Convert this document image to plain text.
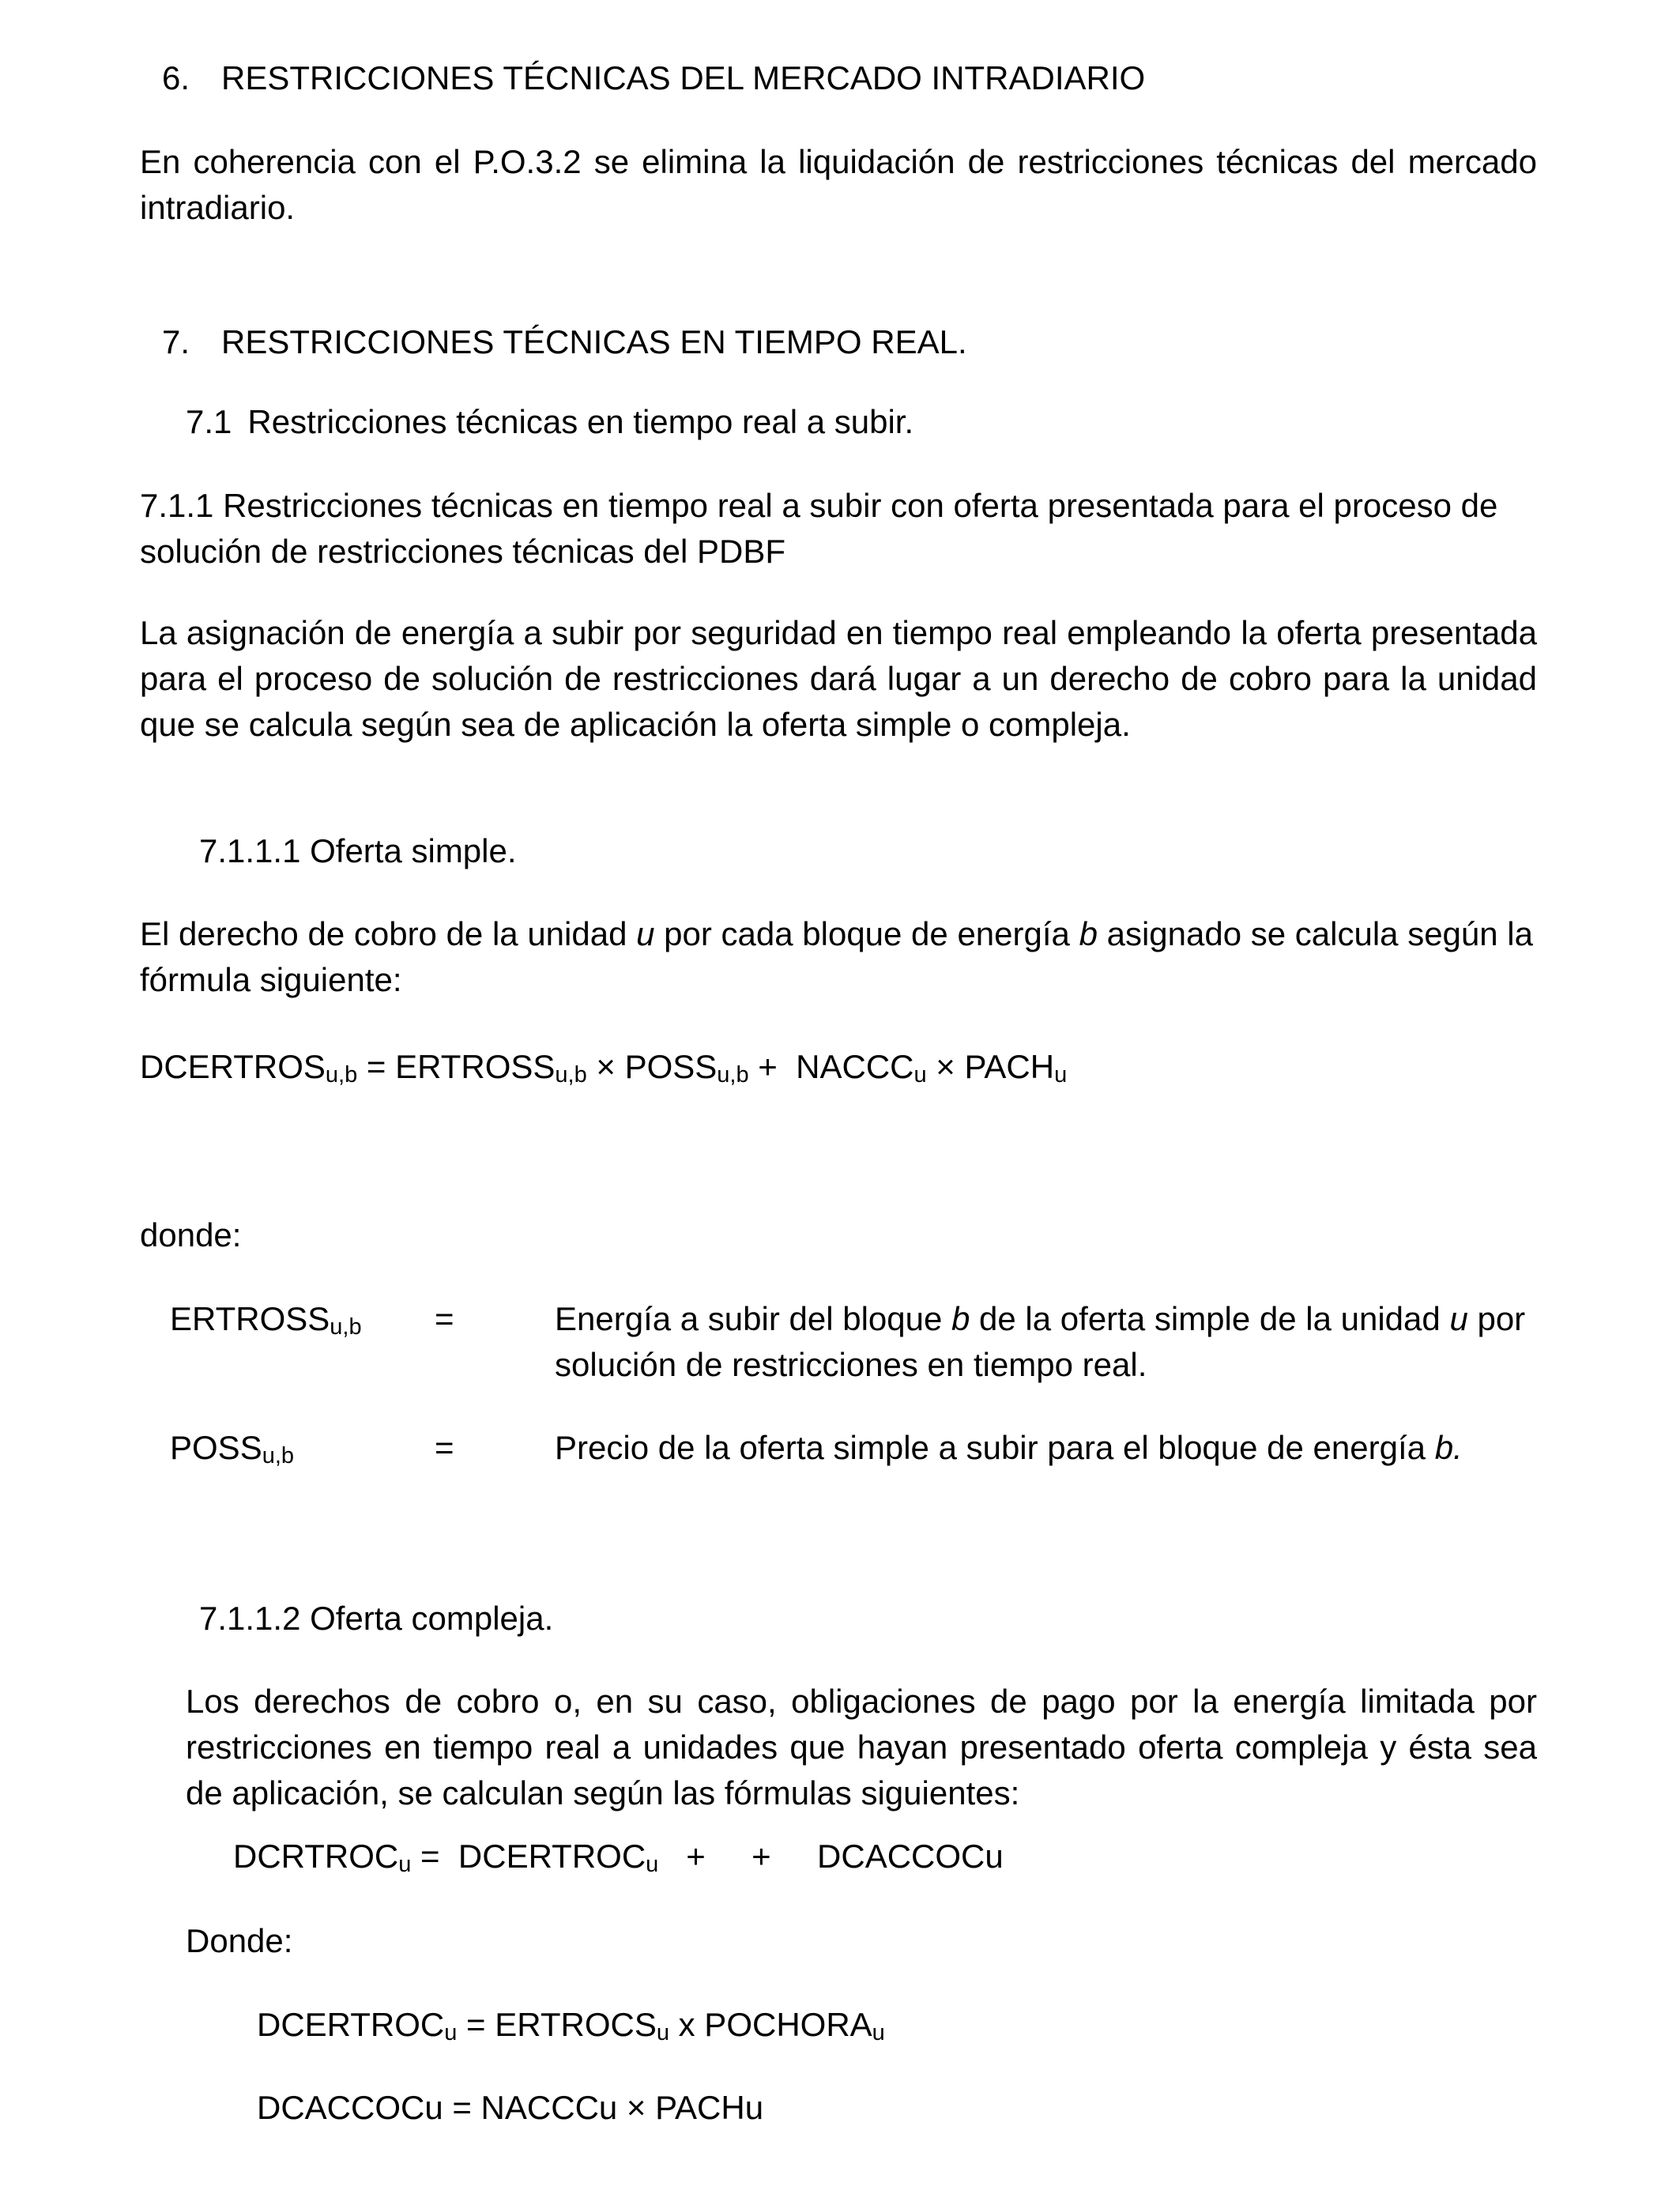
6. RESTRICCIONES TÉCNICAS DEL MERCADO INTRADIARIO

En coherencia con el P.O.3.2 se elimina la liquidación de restricciones técnicas del mercado intradiario.

7. RESTRICCIONES TÉCNICAS EN TIEMPO REAL.
7.1 Restricciones técnicas en tiempo real a subir.

7.1.1 Restricciones técnicas en tiempo real a subir con oferta presentada para el proceso de solución de restricciones técnicas del PDBF

La asignación de energía a subir por seguridad en tiempo real empleando la oferta presentada para el proceso de solución de restricciones dará lugar a un derecho de cobro para la unidad que se calcula según sea de aplicación la oferta simple o compleja.

7.1.1.1 Oferta simple.

El derecho de cobro de la unidad u por cada bloque de energía b asignado se calcula según la fórmula siguiente:

$DCERTROS_{u,b}$ = $ERTROSS_{u,b}$ × $POSS_{u,b}$ +  $NACCC_u$ × $PACH_u$

donde:

$ERTROSS_{u,b}$ =	Energía a subir del bloque b de la oferta simple de la unidad u por solución de restricciones en tiempo real.

$POSS_{u,b}$	=	Precio de la oferta simple a subir para el bloque de energía b.

7.1.1.2 Oferta compleja.

Los derechos de cobro o, en su caso, obligaciones de pago por la energía limitada por restricciones en tiempo real a unidades que hayan presentado oferta compleja y ésta sea de aplicación, se calculan según las fórmulas siguientes:

$DCRTROC_u$ =  $DCERTROC_u$   +     +     DCACCOCu

Donde:

$DCERTROC_u$ = $ERTROCS_u$ x $POCHORA_u$

DCACCOCu = NACCCu × PACHu
